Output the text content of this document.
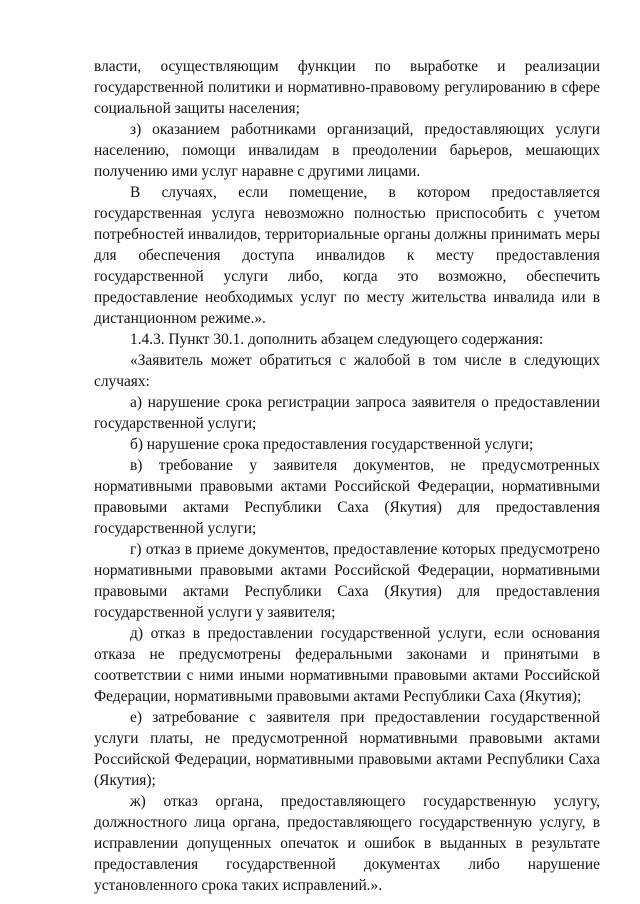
власти, осуществляющим функции по выработке и реализации государственной политики и нормативно-правовому регулированию в сфере социальной защиты населения;

з) оказанием работниками организаций, предоставляющих услуги населению, помощи инвалидам в преодолении барьеров, мешающих получению ими услуг наравне с другими лицами.

В случаях, если помещение, в котором предоставляется государственная услуга невозможно полностью приспособить с учетом потребностей инвалидов, территориальные органы должны принимать меры для обеспечения доступа инвалидов к месту предоставления государственной услуги либо, когда это возможно, обеспечить предоставление необходимых услуг по месту жительства инвалида или в дистанционном режиме.».

1.4.3. Пункт 30.1. дополнить абзацем следующего содержания:

«Заявитель может обратиться с жалобой в том числе в следующих случаях:

а) нарушение срока регистрации запроса заявителя о предоставлении государственной услуги;

б) нарушение срока предоставления государственной услуги;

в) требование у заявителя документов, не предусмотренных нормативными правовыми актами Российской Федерации, нормативными правовыми актами Республики Саха (Якутия) для предоставления государственной услуги;

г) отказ в приеме документов, предоставление которых предусмотрено нормативными правовыми актами Российской Федерации, нормативными правовыми актами Республики Саха (Якутия) для предоставления государственной услуги у заявителя;

д) отказ в предоставлении государственной услуги, если основания отказа не предусмотрены федеральными законами и принятыми в соответствии с ними иными нормативными правовыми актами Российской Федерации, нормативными правовыми актами Республики Саха (Якутия);

е) затребование с заявителя при предоставлении государственной услуги платы, не предусмотренной нормативными правовыми актами Российской Федерации, нормативными правовыми актами Республики Саха (Якутия);

ж) отказ органа, предоставляющего государственную услугу, должностного лица органа, предоставляющего государственную услугу, в исправлении допущенных опечаток и ошибок в выданных в результате предоставления государственной документах либо нарушение установленного срока таких исправлений.».
